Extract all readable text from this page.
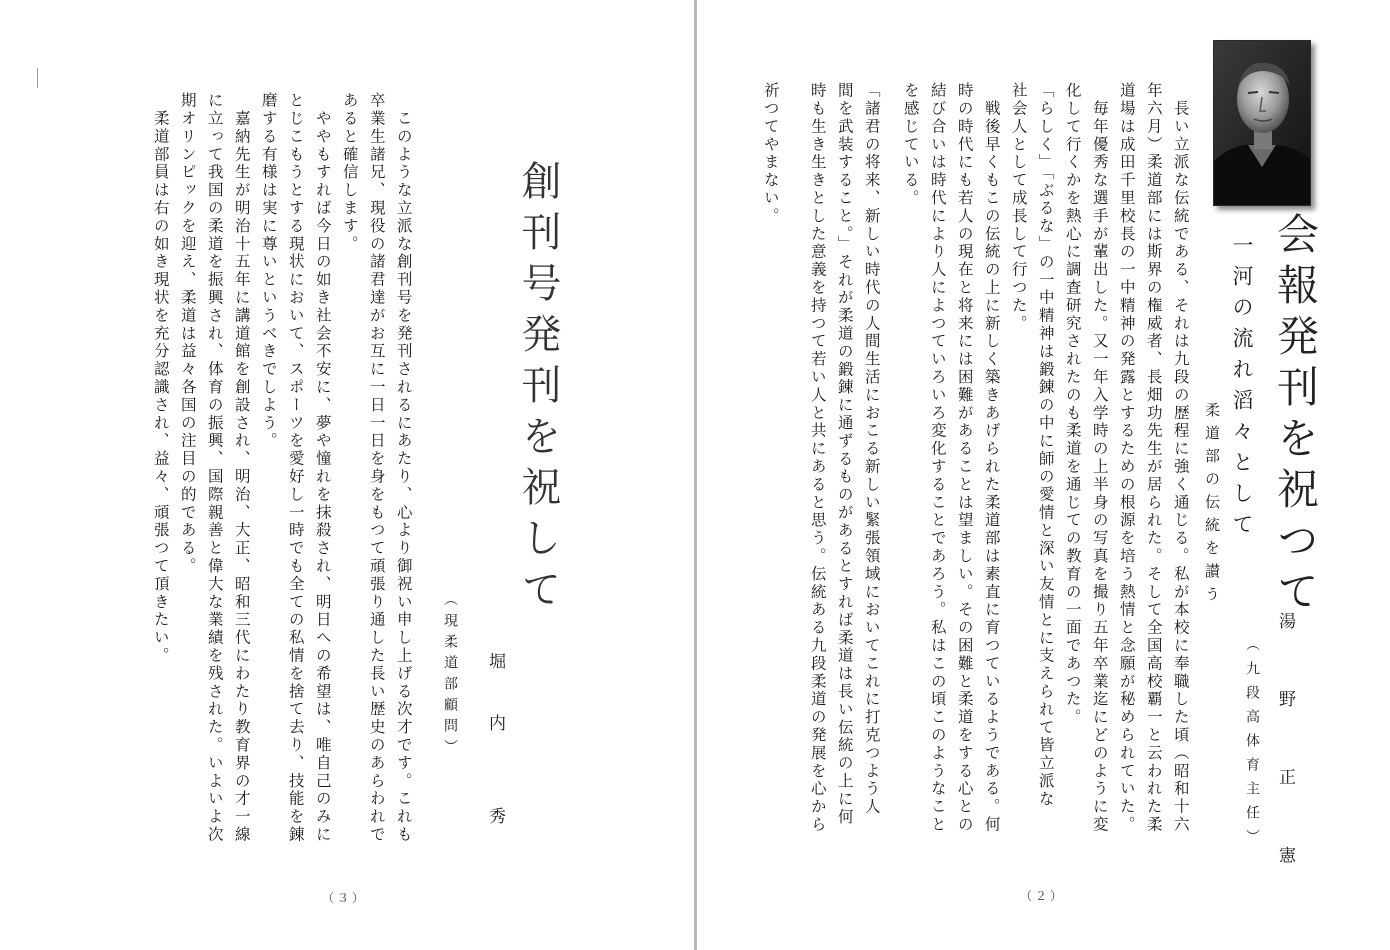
創刊号発刊を祝して
堀　内　　秀
（現柔道部顧問）
　このような立派な創刊号を発刊されるにあたり、心より御祝い申し上げる次才です。これも
卒業生諸兄、現役の諸君達がお互に一日一日を身をもつて頑張り通した長い歴史のあらわれで
あると確信します。
　ややもすれば今日の如き社会不安に、夢や憧れを抹殺され、明日への希望は、唯自己のみに
とじこもうとする現状において、スポーツを愛好し一時でも全ての私情を捨て去り、技能を錬
磨する有様は実に尊いというべきでしよう。
　嘉納先生が明治十五年に講道館を創設され、明治、大正、昭和三代にわたり教育界の才一線
に立って我国の柔道を振興され、体育の振興、国際親善と偉大な業績を残された。いよいよ次
期オリンピックを迎え、柔道は益々各国の注目の的である。
　柔道部員は右の如き現状を充分認識され、益々、頑張つて頂きたい。
（３）
会報発刊を祝つて
一河の流れ滔々として
柔道部の伝統を讃う
湯　野　正　憲
（九段高体育主任）
　長い立派な伝統である、それは九段の歴程に強く通じる。私が本校に奉職した頃（昭和十六
年六月）柔道部には斯界の権威者、長畑功先生が居られた。そして全国高校覇一と云われた柔
道場は成田千里校長の一中精神の発露とするための根源を培う熱情と念願が秘められていた。
　毎年優秀な選手が輩出した。又一年入学時の上半身の写真を撮り五年卒業迄にどのように変
化して行くかを熱心に調査研究されたのも柔道を通じての教育の一面であつた。
「らしく」「ぶるな」の一中精神は鍛錬の中に師の愛情と深い友情とに支えられて皆立派な
社会人として成長して行つた。
　戦後早くもこの伝統の上に新しく築きあげられた柔道部は素直に育つているようである。何
時の時代にも若人の現在と将来には困難があることは望ましい。その困難と柔道をする心との
結び合いは時代により人によつていろいろ変化することであろう。私はこの頃このようなこと
を感じている。
「諸君の将来、新しい時代の人間生活におこる新しい緊張領域においてこれに打克つよう人
間を武装すること。」それが柔道の鍛錬に通ずるものがあるとすれば柔道は長い伝統の上に何
時も生き生きとした意義を持つて若い人と共にあると思う。伝統ある九段柔道の発展を心から
祈つてやまない。
（２）
